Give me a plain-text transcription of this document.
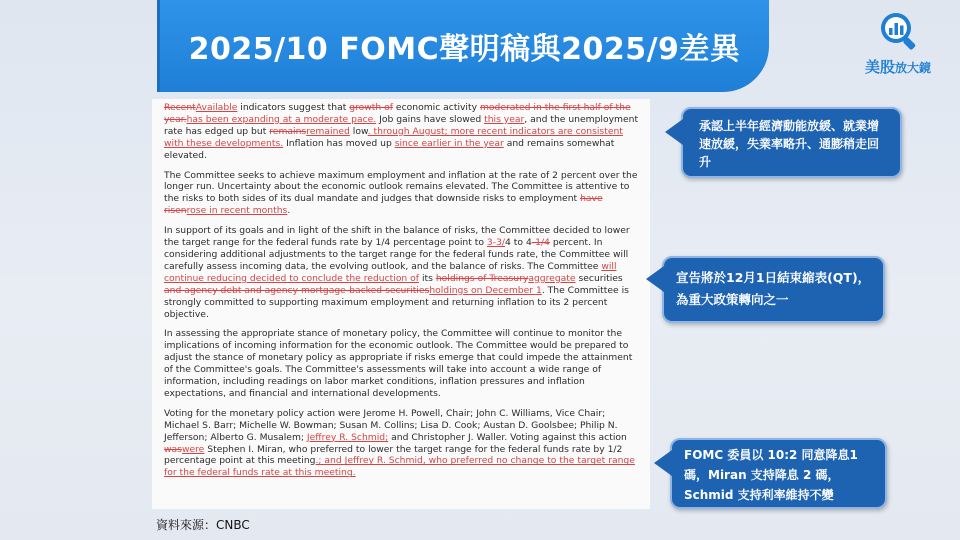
2025/10 FOMC聲明稿與2025/9差異	美股放大鏡

RecentAvailable indicators suggest that growth of economic activity moderated in the first half of the year.has been expanding at a moderate pace. Job gains have slowed this year, and the unemployment rate has edged up but remainsremained low. through August; more recent indicators are consistent with these developments. Inflation has moved up since earlier in the year and remains somewhat elevated.

The Committee seeks to achieve maximum employment and inflation at the rate of 2 percent over the longer run. Uncertainty about the economic outlook remains elevated. The Committee is attentive to the risks to both sides of its dual mandate and judges that downside risks to employment have risenrose in recent months.

In support of its goals and in light of the shift in the balance of risks, the Committee decided to lower the target range for the federal funds rate by 1/4 percentage point to 3-3/4 to 4-1/4 percent. In considering additional adjustments to the target range for the federal funds rate, the Committee will carefully assess incoming data, the evolving outlook, and the balance of risks. The Committee will continue reducing decided to conclude the reduction of its holdings of Treasuryaggregate securities and agency debt and agency mortgage-backed securitiesholdings on December 1. The Committee is strongly committed to supporting maximum employment and returning inflation to its 2 percent objective.

In assessing the appropriate stance of monetary policy, the Committee will continue to monitor the implications of incoming information for the economic outlook. The Committee would be prepared to adjust the stance of monetary policy as appropriate if risks emerge that could impede the attainment of the Committee's goals. The Committee's assessments will take into account a wide range of information, including readings on labor market conditions, inflation pressures and inflation expectations, and financial and international developments.

Voting for the monetary policy action were Jerome H. Powell, Chair; John C. Williams, Vice Chair; Michael S. Barr; Michelle W. Bowman; Susan M. Collins; Lisa D. Cook; Austan D. Goolsbee; Philip N. Jefferson; Alberto G. Musalem; Jeffrey R. Schmid; and Christopher J. Waller. Voting against this action waswere Stephen I. Miran, who preferred to lower the target range for the federal funds rate by 1/2 percentage point at this meeting.; and Jeffrey R. Schmid, who preferred no change to the target range for the federal funds rate at this meeting.

資料來源：CNBC
承認上半年經濟動能放緩、就業增速放緩，失業率略升、通膨稍走回升
宣告將於12月1日結束縮表(QT)，為重大政策轉向之一
FOMC 委員以 10:2 同意降息1碼，Miran 支持降息 2 碼，Schmid 支持利率維持不變
